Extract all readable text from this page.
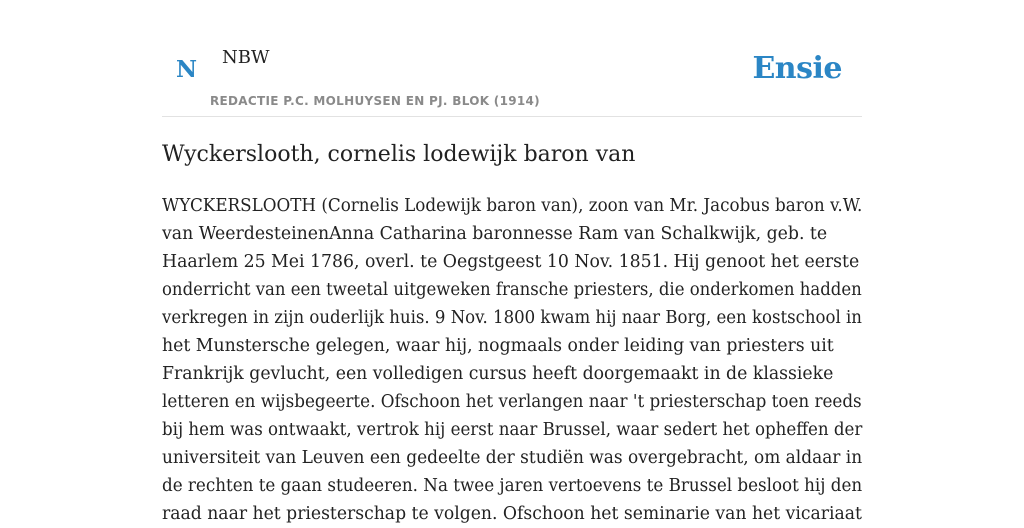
N NBW
REDACTIE P.C. MOLHUYSEN EN PJ. BLOK (1914)
Ensie
Wyckerslooth, cornelis lodewijk baron van
WYCKERSLOOTH (Cornelis Lodewijk baron van), zoon van Mr. Jacobus baron v.W.
van WeerdesteinenAnna Catharina baronnesse Ram van Schalkwijk, geb. te
Haarlem 25 Mei 1786, overl. te Oegstgeest 10 Nov. 1851. Hij genoot het eerste
onderricht van een tweetal uitgeweken fransche priesters, die onderkomen hadden
verkregen in zijn ouderlijk huis. 9 Nov. 1800 kwam hij naar Borg, een kostschool in
het Munstersche gelegen, waar hij, nogmaals onder leiding van priesters uit
Frankrijk gevlucht, een volledigen cursus heeft doorgemaakt in de klassieke
letteren en wijsbegeerte. Ofschoon het verlangen naar 't priesterschap toen reeds
bij hem was ontwaakt, vertrok hij eerst naar Brussel, waar sedert het opheffen der
universiteit van Leuven een gedeelte der studiën was overgebracht, om aldaar in
de rechten te gaan studeeren. Na twee jaren vertoevens te Brussel besloot hij den
raad naar het priesterschap te volgen. Ofschoon het seminarie van het vicariaat
